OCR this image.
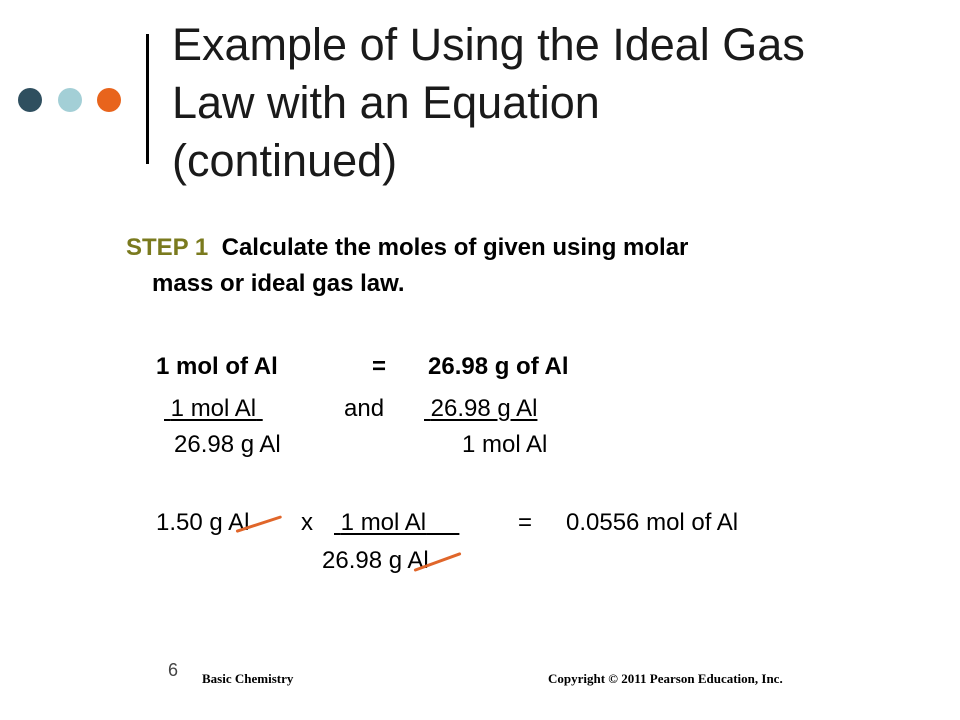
Example of Using the Ideal Gas
Law with an Equation
(continued)
STEP 1 Calculate the moles of given using molar
mass or ideal gas law.
1 mol of Al	= 26.98 g of Al
1 mol Al	and 26.98 g Al
26.98 g Al	1 mol Al
1.50 g Al x 1 mol Al	= 0.0556 mol of Al
26.98 g Al
6 Basic Chemistry	Copyright © 2011 Pearson Education, Inc.
